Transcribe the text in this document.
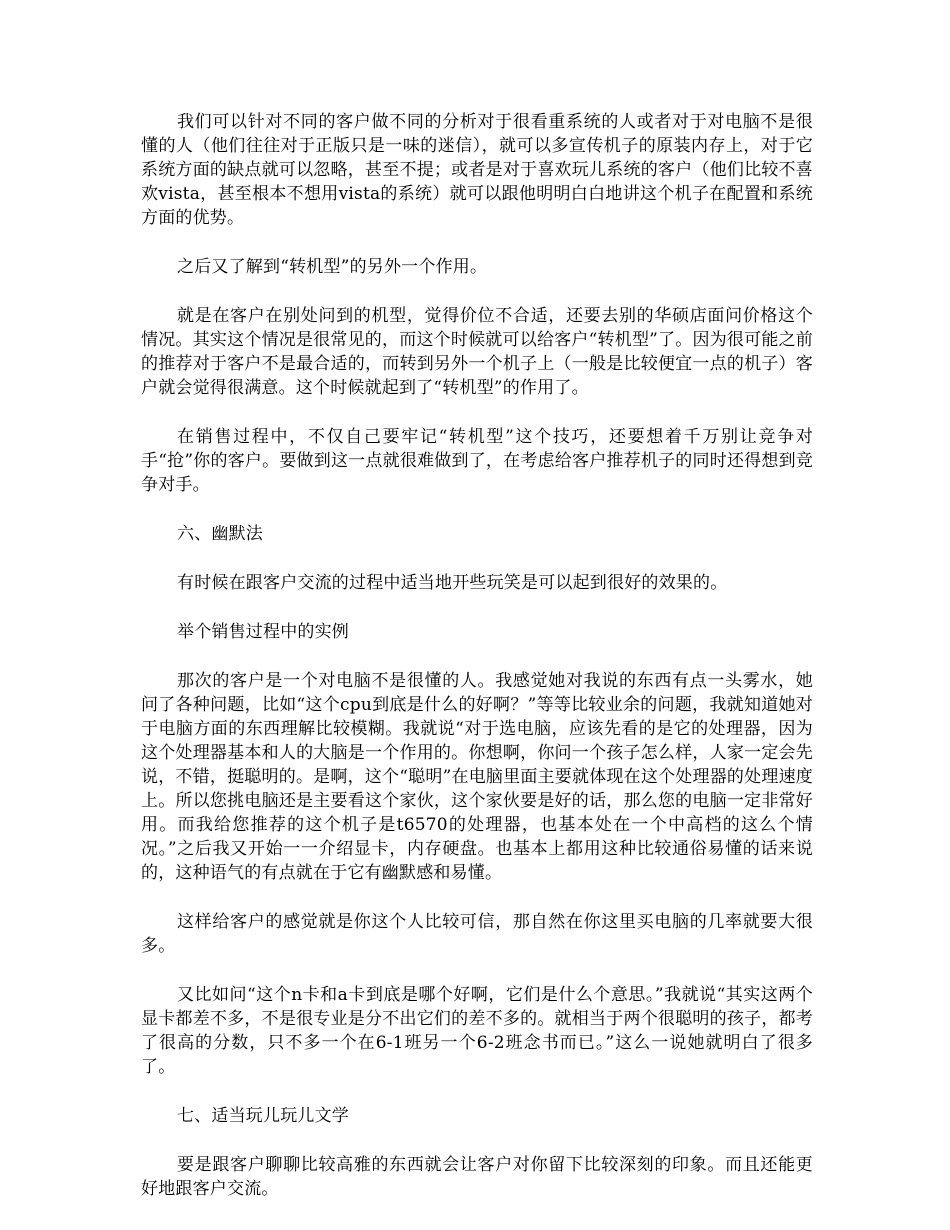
我们可以针对不同的客户做不同的分析对于很看重系统的人或者对于对电脑不是很懂的人（他们往往对于正版只是一味的迷信），就可以多宣传机子的原装内存上，对于它系统方面的缺点就可以忽略，甚至不提；或者是对于喜欢玩儿系统的客户（他们比较不喜欢vista，甚至根本不想用vista的系统）就可以跟他明明白白地讲这个机子在配置和系统方面的优势。

之后又了解到“转机型”的另外一个作用。

就是在客户在别处问到的机型，觉得价位不合适，还要去别的华硕店面问价格这个情况。其实这个情况是很常见的，而这个时候就可以给客户“转机型”了。因为很可能之前的推荐对于客户不是最合适的，而转到另外一个机子上（一般是比较便宜一点的机子）客户就会觉得很满意。这个时候就起到了“转机型”的作用了。

在销售过程中，不仅自己要牢记“转机型”这个技巧，还要想着千万别让竞争对手“抢”你的客户。要做到这一点就很难做到了，在考虑给客户推荐机子的同时还得想到竞争对手。

六、幽默法

有时候在跟客户交流的过程中适当地开些玩笑是可以起到很好的效果的。

举个销售过程中的实例

那次的客户是一个对电脑不是很懂的人。我感觉她对我说的东西有点一头雾水，她问了各种问题，比如“这个cpu到底是什么的好啊？”等等比较业余的问题，我就知道她对于电脑方面的东西理解比较模糊。我就说“对于选电脑，应该先看的是它的处理器，因为这个处理器基本和人的大脑是一个作用的。你想啊，你问一个孩子怎么样，人家一定会先说，不错，挺聪明的。是啊，这个“聪明”在电脑里面主要就体现在这个处理器的处理速度上。所以您挑电脑还是主要看这个家伙，这个家伙要是好的话，那么您的电脑一定非常好用。而我给您推荐的这个机子是t6570的处理器，也基本处在一个中高档的这么个情况。”之后我又开始一一介绍显卡，内存硬盘。也基本上都用这种比较通俗易懂的话来说的，这种语气的有点就在于它有幽默感和易懂。

这样给客户的感觉就是你这个人比较可信，那自然在你这里买电脑的几率就要大很多。

又比如问“这个n卡和a卡到底是哪个好啊，它们是什么个意思。”我就说“其实这两个显卡都差不多，不是很专业是分不出它们的差不多的。就相当于两个很聪明的孩子，都考了很高的分数，只不多一个在6-1班另一个6-2班念书而已。”这么一说她就明白了很多了。

七、适当玩儿玩儿文学

要是跟客户聊聊比较高雅的东西就会让客户对你留下比较深刻的印象。而且还能更好地跟客户交流。
